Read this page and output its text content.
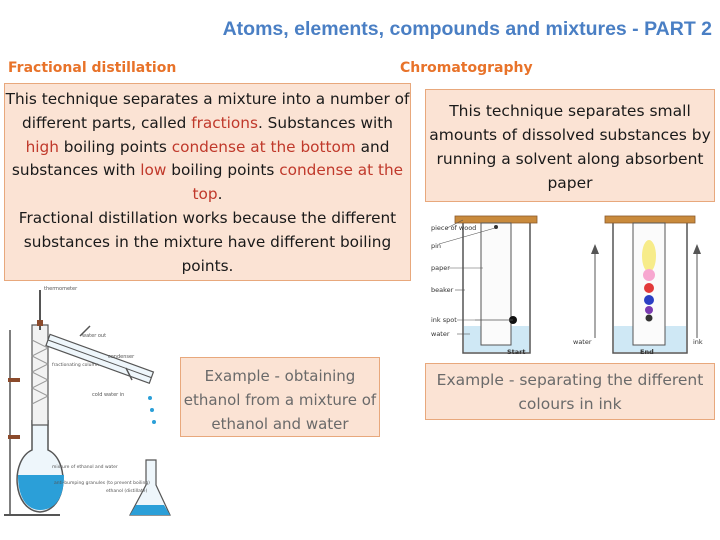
Atoms, elements, compounds and mixtures - PART 2
Fractional distillation	Chromatography
thermometer
water out
condenser
fractionating column
cold water in
mixture of ethanol and water
anti-bumping granules (to prevent boiling)
ethanol (distillate)
piece of wood
pin
paper
beaker
ink spot
water
Start
water
End
ink

This technique separates a mixture into a number of different parts, called fractions. Substances with high boiling points condense at the bottom and substances with low boiling points condense at the top.

Fractional distillation works because the different substances in the mixture have different boiling points.

This technique separates small amounts of dissolved substances by running a solvent along absorbent paper
Example - obtaining ethanol from a mixture of ethanol and water
Example - separating the different colours in ink
